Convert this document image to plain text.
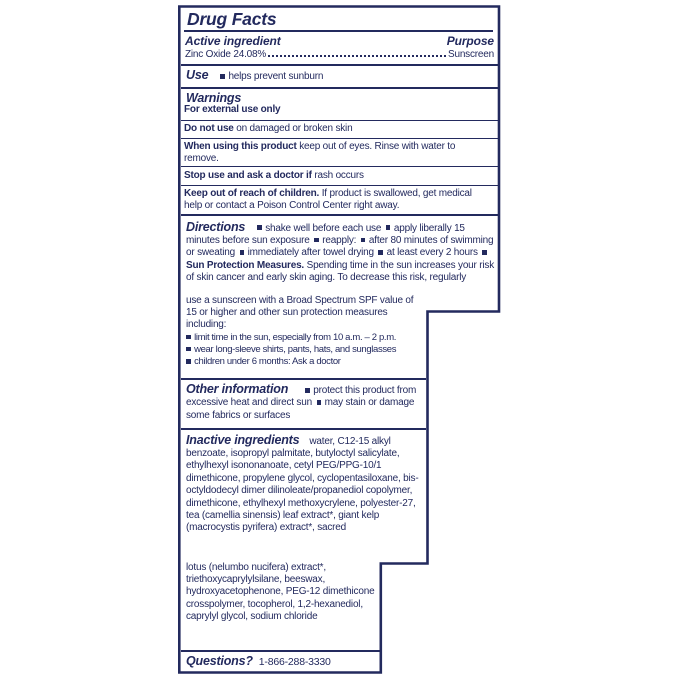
Drug Facts
Active ingredient	Purpose
Zinc Oxide 24.08%	Sunscreen
Use helps prevent sunburn
Warnings
For external use only
Do not use on damaged or broken skin
When using this product keep out of eyes. Rinse with water to remove.
Stop use and ask a doctor if rash occurs
Keep out of reach of children. If product is swallowed, get medical help or contact a Poison Control Center right away.
Directions shake well before each use apply liberally 15 minutes before sun exposure reapply: after 80 minutes of swimming or sweating immediately after towel drying at least every 2 hours Sun Protection Measures. Spending time in the sun increases your risk of skin cancer and early skin aging. To decrease this risk, regularly
use a sunscreen with a Broad Spectrum SPF value of 15 or higher and other sun protection measures including:
limit time in the sun, especially from 10 a.m. – 2 p.m.
wear long-sleeve shirts, pants, hats, and sunglasses
children under 6 months: Ask a doctor
Other information	protect this product from excessive heat and direct sun may stain or damage some fabrics or surfaces
Inactive ingredients water, C12-15 alkyl benzoate, isopropyl palmitate, butyloctyl salicylate, ethylhexyl isononanoate, cetyl PEG/PPG-10/1 dimethicone, propylene glycol, cyclopentasiloxane, bis-octyldodecyl dimer dilinoleate/propanediol copolymer, dimethicone, ethylhexyl methoxycrylene, polyester-27, tea (camellia sinensis) leaf extract*, giant kelp (macrocystis pyrifera) extract*, sacred
lotus (nelumbo nucifera) extract*, triethoxycaprylylsilane, beeswax, hydroxyacetophenone, PEG-12 dimethicone crosspolymer, tocopherol, 1,2-hexanediol, caprylyl glycol, sodium chloride
Questions? 1-866-288-3330
